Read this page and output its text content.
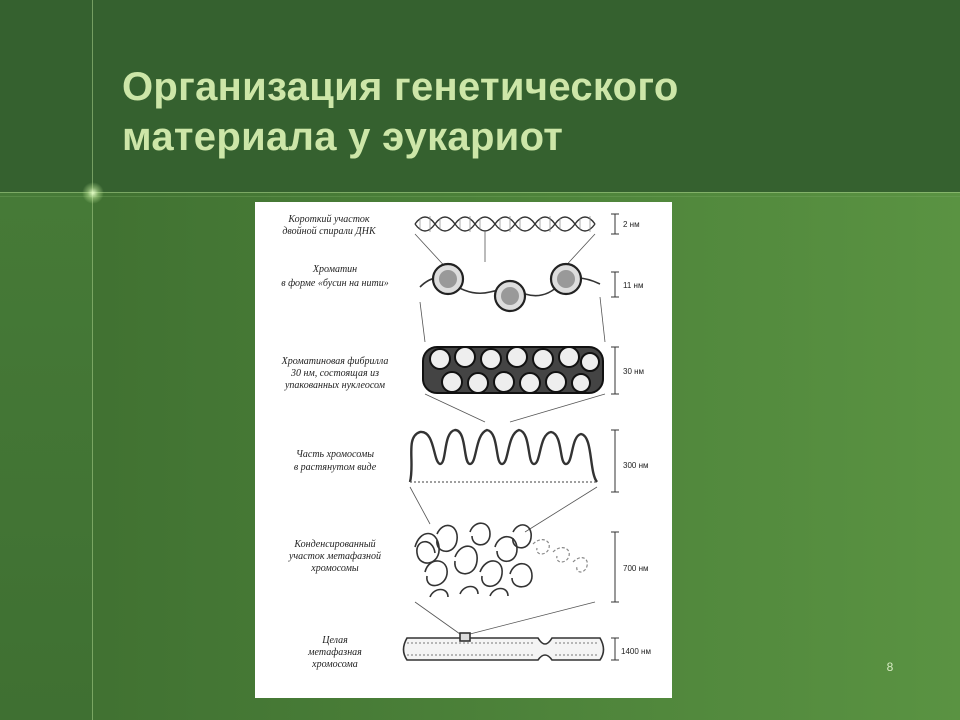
Организация генетического
материала у эукариот
Короткий участок
двойной спирали ДНК
2 нм
Хроматин
в форме «бусин на нити»	11 нм
Хроматиновая фибрилла
30 нм, состоящая из
упакованных нуклеосом
30 нм
Часть хромосомы
в растянутом виде	300 нм
Конденсированный
участок метафазной
хромосомы	700 нм
Целая
метафазная
хромосома
1400 нм
8
